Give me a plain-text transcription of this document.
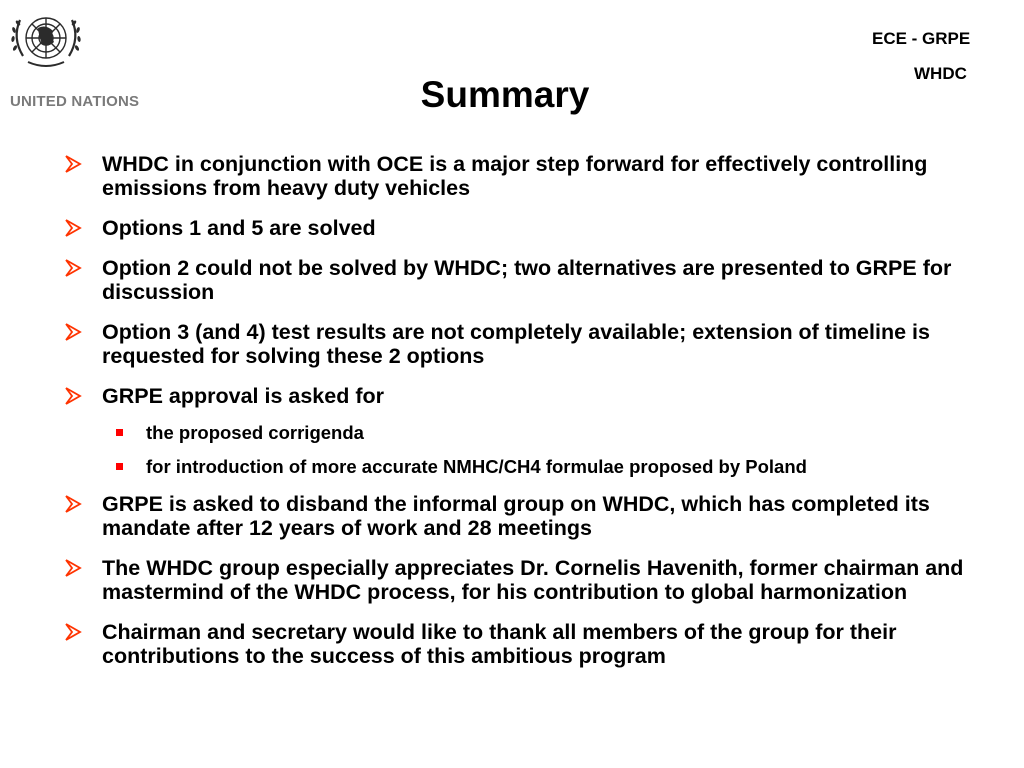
UNITED NATIONS
ECE - GRPE
WHDC
Summary
WHDC in conjunction with OCE is a major step forward for effectively controlling emissions from heavy duty vehicles
Options 1 and 5 are solved
Option 2 could not be solved by WHDC; two alternatives are presented to GRPE for discussion
Option 3 (and 4) test results are not completely available; extension of timeline is requested for solving these 2 options
GRPE approval is asked for
the proposed corrigenda
for introduction of more accurate NMHC/CH4 formulae proposed by Poland
GRPE is asked to disband the informal group on WHDC, which has completed its mandate after 12 years of work and 28 meetings
The WHDC group especially appreciates Dr. Cornelis Havenith, former chairman and mastermind of the WHDC process, for his contribution to global harmonization
Chairman and secretary would like to thank all members of the group for their contributions to the success of this ambitious program
